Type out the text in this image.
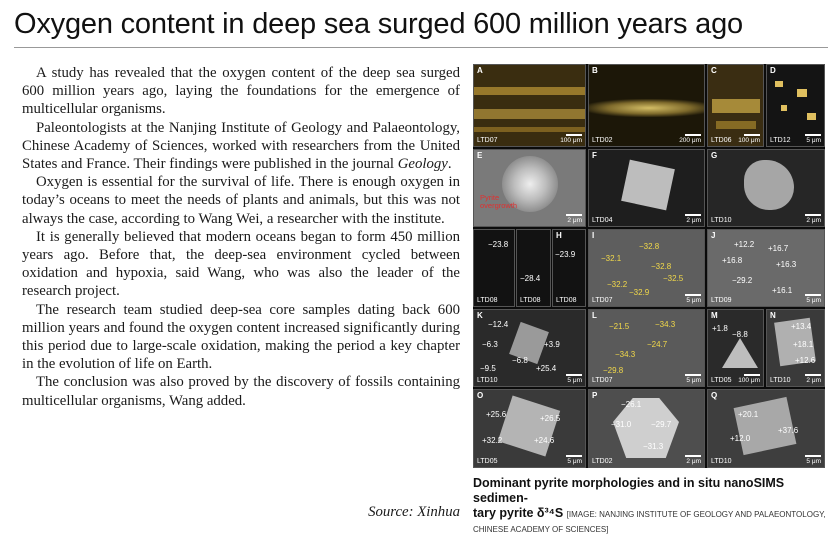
Oxygen content in deep sea surged 600 million years ago

A study has revealed that the oxygen content of the deep sea surged 600 million years ago, laying the foundations for the emergence of multicellular organisms.

Paleontologists at the Nanjing Institute of Geology and Palaeontology, Chinese Academy of Sciences, worked with researchers from the United States and France. Their findings were published in the journal Geology.

Oxygen is essential for the survival of life. There is enough oxygen in today’s oceans to meet the needs of plants and animals, but this was not always the case, according to Wang Wei, a researcher with the institute.

It is generally believed that modern oceans began to form 450 million years ago. Before that, the deep-sea environment cycled between oxidation and hypoxia, said Wang, who was also the leader of the research project.

The research team studied deep-sea core samples dating back 600 million years and found the oxygen content increased significantly during this period due to large-scale oxidation, making the period a key chapter in the evolution of life on Earth.

The conclusion was also proved by the discovery of fossils containing multicellular organisms, Wang added.

Source: Xinhua
A
LTD07	100 μm
B
LTD02	200 μm
C
LTD06 100 μm
D
LTD12 5 μm
Pyrite
overgrowth
E
2 μm
F
LTD04	2 μm
G
LTD10	2 μm
−23.8
LTD08
−28.4
LTD08
−23.9
H
LTD08
−32.8
−32.1
−32.8
−32.2
−32.5
−32.9
I
LTD07	5 μm
+12.2 +16.7
+16.8	+16.3
−29.2
+16.1
J
LTD09	5 μm
−12.4
−6.3	+3.9
−9.5
−6.8
+25.4
K
LTD10	5 μm
−21.5	−34.3
−24.7
−34.3
−29.8
L
LTD07	5 μm
+1.8
−8.8
M
LTD05 100 μm
+13.4
+18.1
+12.6
N
LTD10 2 μm
+25.6	+26.5
+32.2	+24.6
O
LTD05	5 μm
−26.1
−31.0 −29.7
−31.3
P
LTD02	2 μm
+20.1
+37.6
+12.0
Q
LTD10	5 μm
Dominant pyrite morphologies and in situ nanoSIMS sedimen-
tary pyrite δ³⁴S [IMAGE: NANJING INSTITUTE OF GEOLOGY AND PALAEONTOLOGY,
CHINESE ACADEMY OF SCIENCES]
